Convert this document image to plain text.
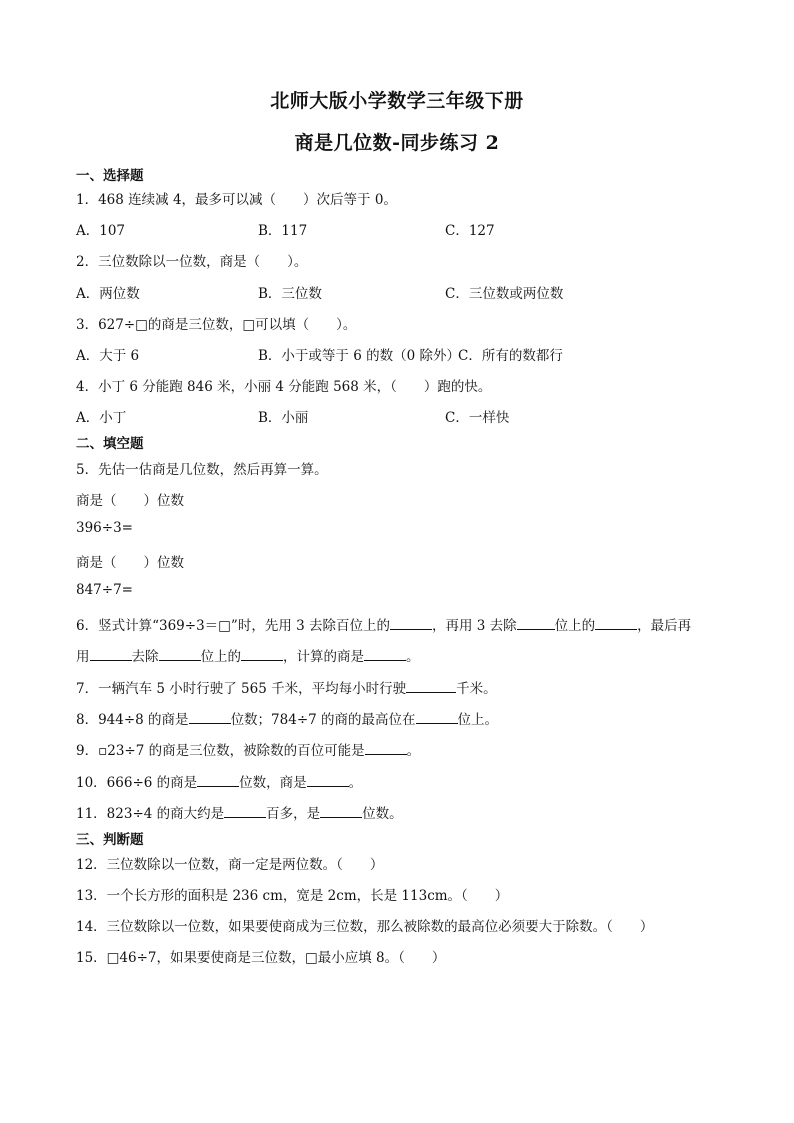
北师大版小学数学三年级下册
商是几位数-同步练习 2
一、选择题
1．468 连续减 4，最多可以减（　　）次后等于 0。
A．107	B．117	C．127
2．三位数除以一位数，商是（　　）。
A．两位数	B．三位数	C．三位数或两位数
3．627÷□的商是三位数，□可以填（　　）。
A．大于 6	B．小于或等于 6 的数（0 除外）
C．所有的数都行
4．小丁 6 分能跑 846 米，小丽 4 分能跑 568 米，（　　）跑的快。
A．小丁	B．小丽	C．一样快
二、填空题
5．先估一估商是几位数，然后再算一算。
商是（　　）位数
396÷3=
商是（　　）位数
847÷7=
6．竖式计算“369÷3＝□”时，先用 3 去除百位上的	，再用 3 去除	位上的	，最后再
用	去除	位上的	，计算的商是	。
7．一辆汽车 5 小时行驶了 565 千米，平均每小时行驶	千米。
8．944÷8 的商是	位数；784÷7 的商的最高位在	位上。
9．▫23÷7 的商是三位数，被除数的百位可能是	。
10．666÷6 的商是	位数，商是	。
11．823÷4 的商大约是	百多，是	位数。
三、判断题
12．三位数除以一位数，商一定是两位数。（　　）
13．一个长方形的面积是 236 cm，宽是 2cm，长是 113cm。（　　）
14．三位数除以一位数，如果要使商成为三位数，那么被除数的最高位必须要大于除数。（　　）
15．□46÷7，如果要使商是三位数，□最小应填 8。（　　）
